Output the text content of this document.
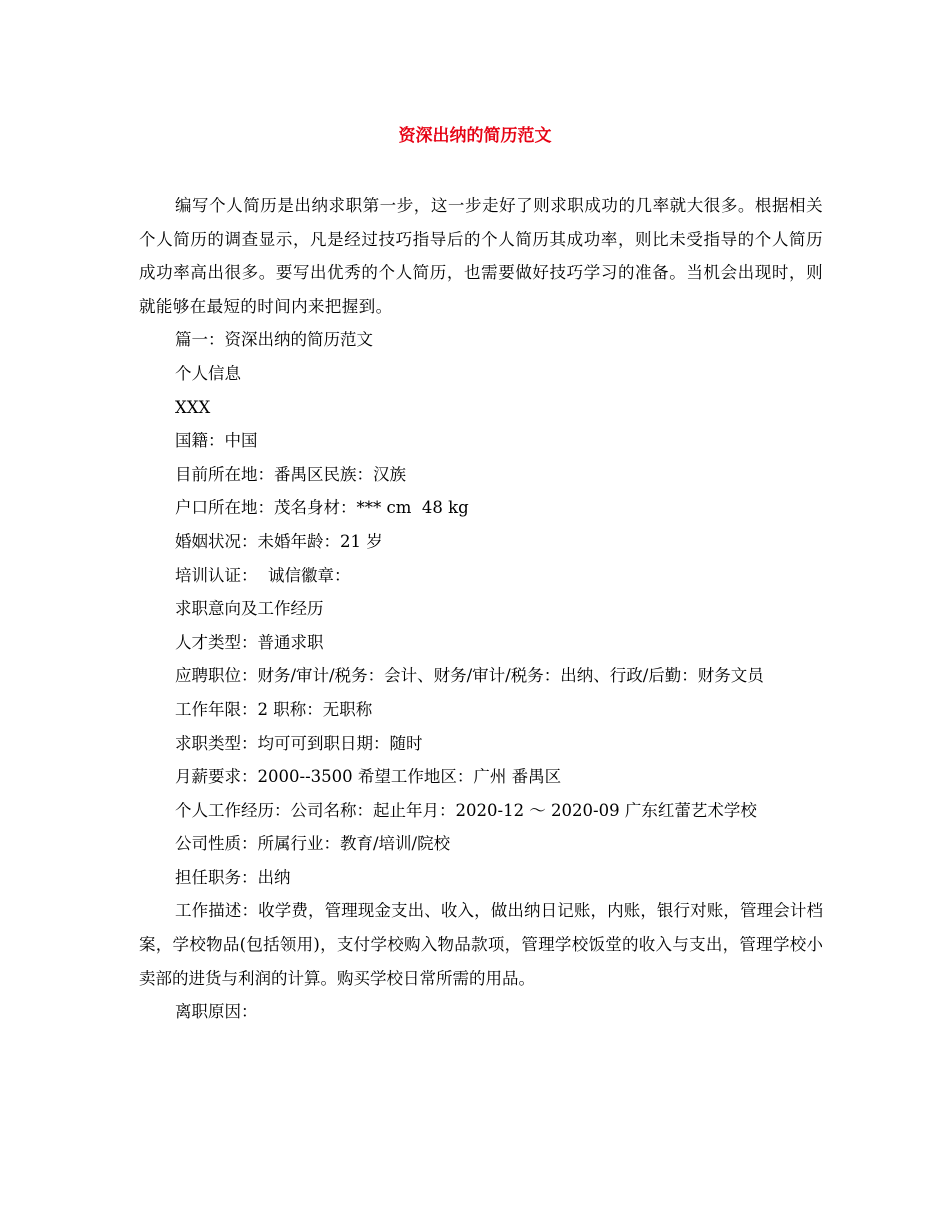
资深出纳的简历范文

编写个人简历是出纳求职第一步，这一步走好了则求职成功的几率就大很多。根据相关个人简历的调查显示，凡是经过技巧指导后的个人简历其成功率，则比未受指导的个人简历成功率高出很多。要写出优秀的个人简历，也需要做好技巧学习的准备。当机会出现时，则就能够在最短的时间内来把握到。

篇一：资深出纳的简历范文

个人信息

XXX

国籍：中国

目前所在地：番禺区民族：汉族

户口所在地：茂名身材：*** cm  48 kg

婚姻状况：未婚年龄：21 岁

培训认证：  诚信徽章：

求职意向及工作经历

人才类型：普通求职

应聘职位：财务/审计/税务：会计、财务/审计/税务：出纳、行政/后勤：财务文员

工作年限：2 职称：无职称

求职类型：均可可到职日期：随时

月薪要求：2000--3500 希望工作地区：广州 番禺区

个人工作经历：公司名称：起止年月：2020-12 ～ 2020-09 广东红蕾艺术学校

公司性质：所属行业：教育/培训/院校

担任职务：出纳

工作描述：收学费，管理现金支出、收入，做出纳日记账，内账，银行对账，管理会计档案，学校物品(包括领用)，支付学校购入物品款项，管理学校饭堂的收入与支出，管理学校小卖部的进货与利润的计算。购买学校日常所需的用品。

离职原因：
